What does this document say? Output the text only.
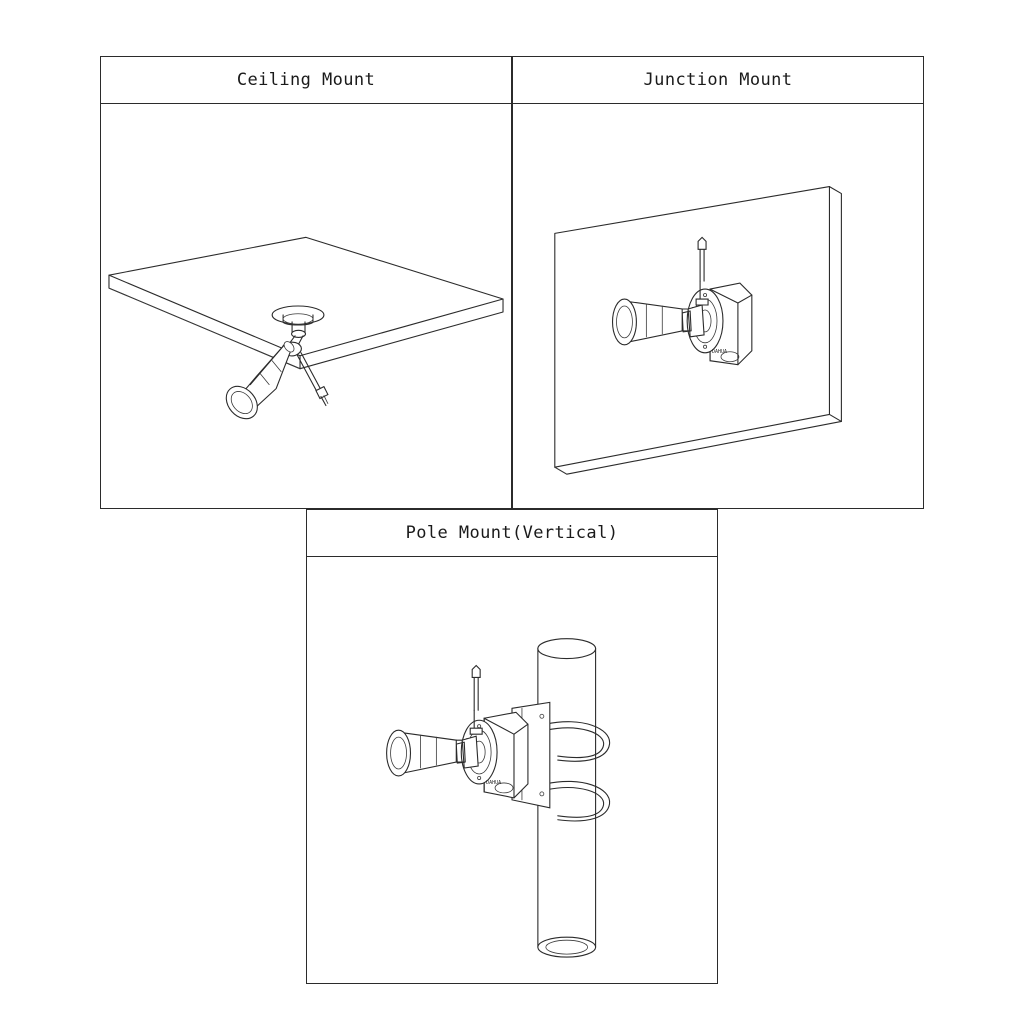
Ceiling Mount	Junction Mount
DAHUA
Pole Mount(Vertical)
DAHUA
